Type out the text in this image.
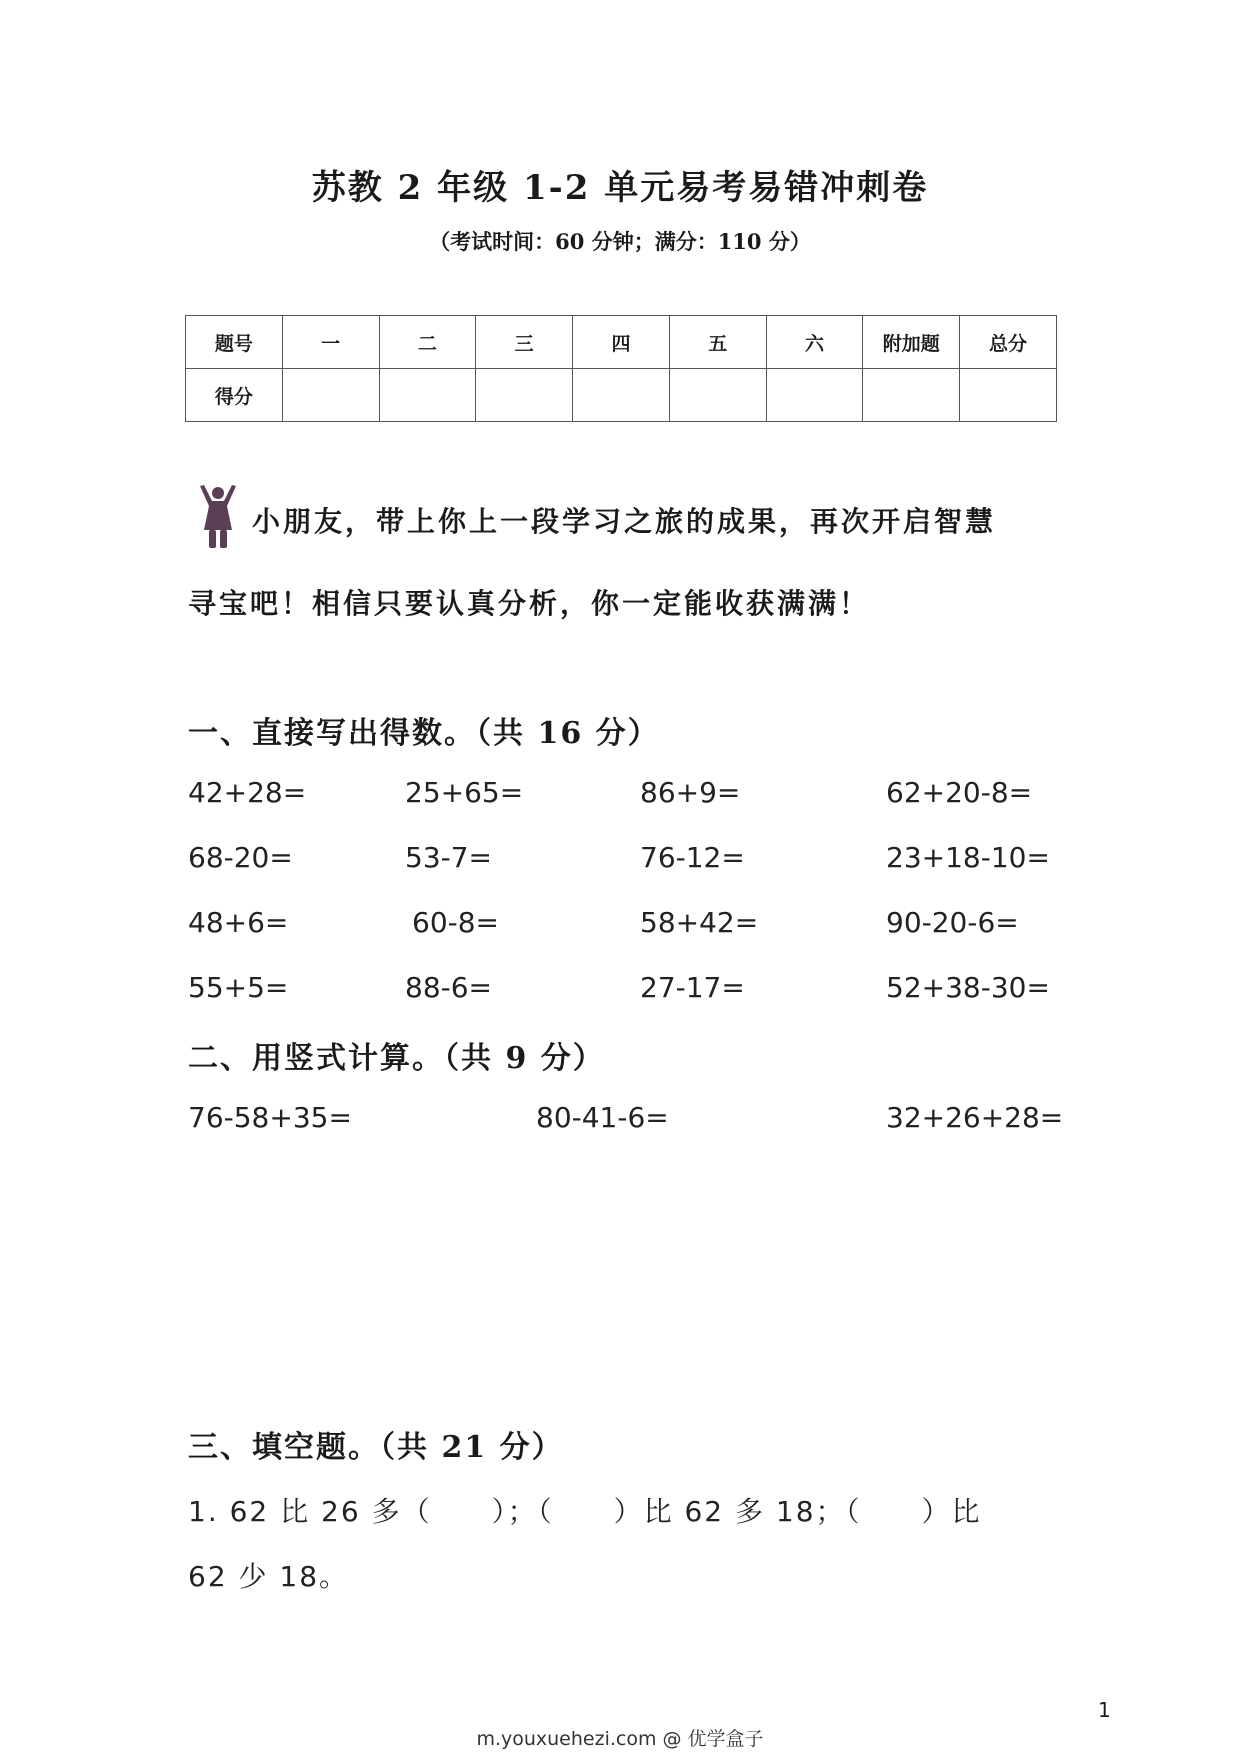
苏教 2 年级 1-2 单元易考易错冲刺卷
（考试时间：60 分钟；满分：110 分）
题号	一	二	三	四	五	六	附加题	总分
得分								
小朋友，带上你上一段学习之旅的成果，再次开启智慧
寻宝吧！相信只要认真分析，你一定能收获满满！
一、直接写出得数。（共 16 分）
42+28=	25+65=	86+9=	62+20-8=
68-20=	53-7=	76-12=	23+18-10=
48+6=	60-8=	58+42=	90-20-6=
55+5=	88-6=	27-17=	52+38-30=
二、用竖式计算。（共 9 分）
76-58+35=	80-41-6=	32+26+28=
三、填空题。（共 21 分）
1. 62 比 26 多（　　）；（　　）比 62 多 18；（　　）比
62 少 18。
1
m.youxuehezi.com @ 优学盒子
